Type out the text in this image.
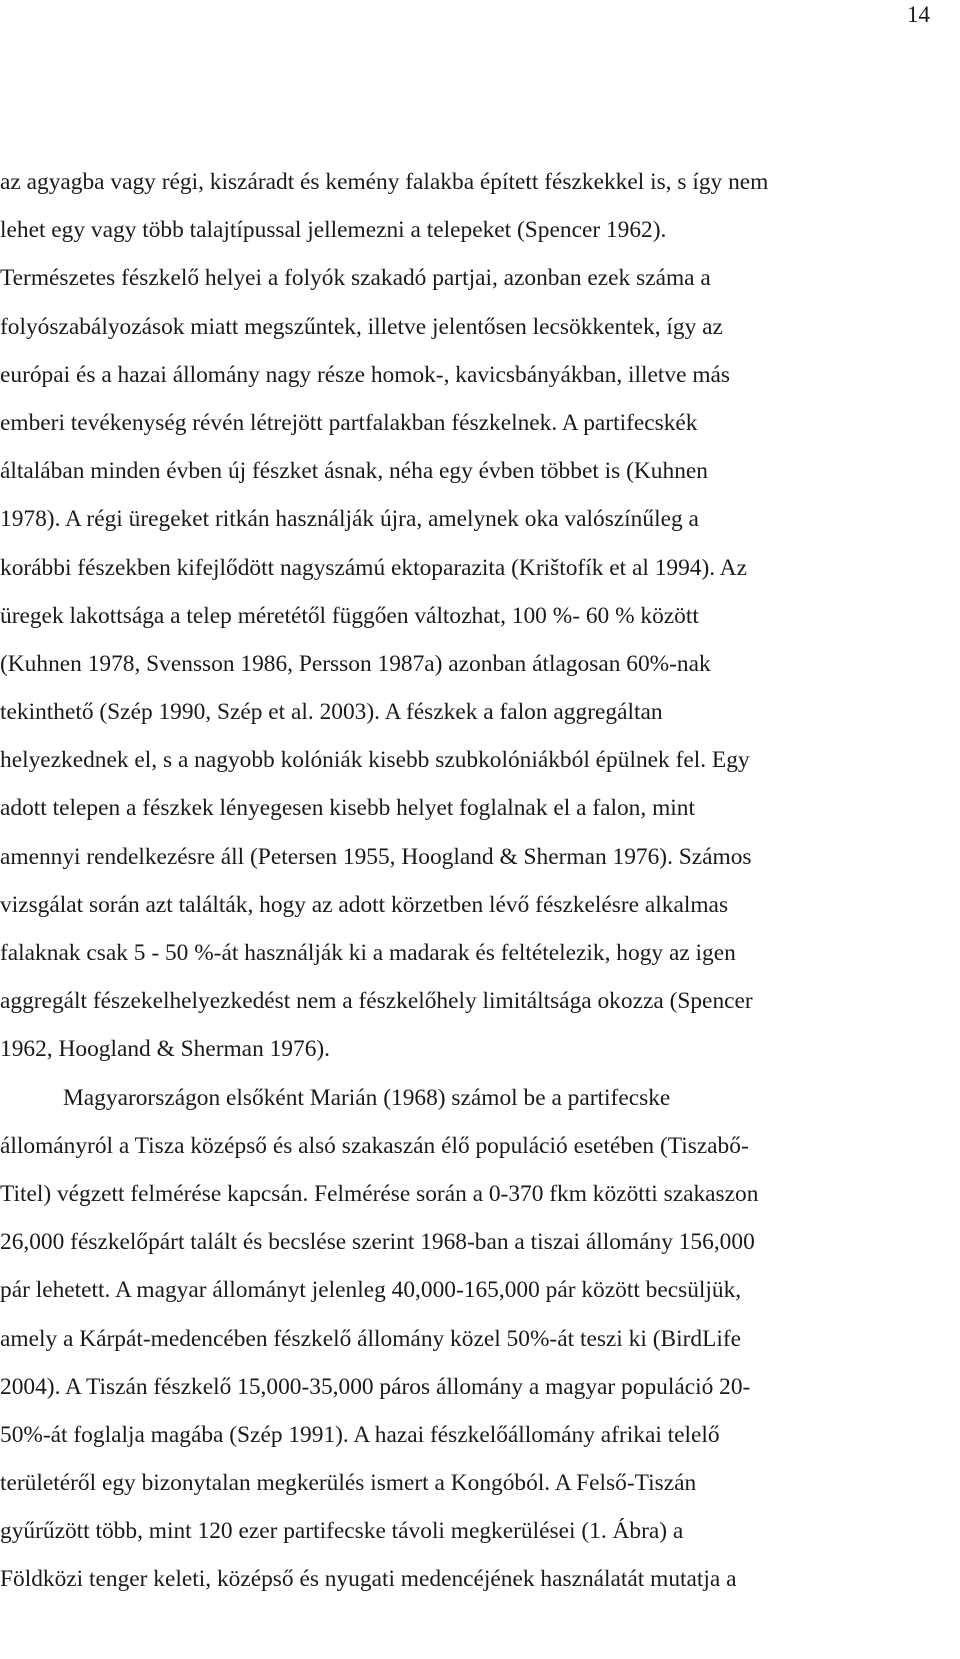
14
az agyagba vagy régi, kiszáradt és kemény falakba épített fészkekkel is, s így nem
lehet egy vagy több talajtípussal jellemezni a telepeket (Spencer 1962).
Természetes fészkelő helyei a folyók szakadó partjai, azonban ezek száma a
folyószabályozások miatt megszűntek, illetve jelentősen lecsökkentek, így az
európai és a hazai állomány nagy része homok-, kavicsbányákban, illetve más
emberi tevékenység révén létrejött partfalakban fészkelnek. A partifecskék
általában minden évben új fészket ásnak, néha egy évben többet is (Kuhnen
1978). A régi üregeket ritkán használják újra, amelynek oka valószínűleg a
korábbi fészekben kifejlődött nagyszámú ektoparazita (Krištofík et al 1994). Az
üregek lakottsága a telep méretétől függően változhat, 100 %- 60 % között
(Kuhnen 1978, Svensson 1986, Persson 1987a) azonban átlagosan 60%-nak
tekinthető (Szép 1990, Szép et al. 2003). A fészkek a falon aggregáltan
helyezkednek el, s a nagyobb kolóniák kisebb szubkolóniákból épülnek fel. Egy
adott telepen a fészkek lényegesen kisebb helyet foglalnak el a falon, mint
amennyi rendelkezésre áll (Petersen 1955, Hoogland & Sherman 1976). Számos
vizsgálat során azt találták, hogy az adott körzetben lévő fészkelésre alkalmas
falaknak csak 5 - 50 %-át használják ki a madarak és feltételezik, hogy az igen
aggregált fészekelhelyezkedést nem a fészkelőhely limitáltsága okozza (Spencer
1962, Hoogland & Sherman 1976).
Magyarországon elsőként Marián (1968) számol be a partifecske
állományról a Tisza középső és alsó szakaszán élő populáció esetében (Tiszabő-
Titel) végzett felmérése kapcsán. Felmérése során a 0-370 fkm közötti szakaszon
26,000 fészkelőpárt talált és becslése szerint 1968-ban a tiszai állomány 156,000
pár lehetett. A magyar állományt jelenleg 40,000-165,000 pár között becsüljük,
amely a Kárpát-medencében fészkelő állomány közel 50%-át teszi ki (BirdLife
2004). A Tiszán fészkelő 15,000-35,000 páros állomány a magyar populáció 20-
50%-át foglalja magába (Szép 1991). A hazai fészkelőállomány afrikai telelő
területéről egy bizonytalan megkerülés ismert a Kongóból. A Felső-Tiszán
gyűrűzött több, mint 120 ezer partifecske távoli megkerülései (1. Ábra) a
Földközi tenger keleti, középső és nyugati medencéjének használatát mutatja a
